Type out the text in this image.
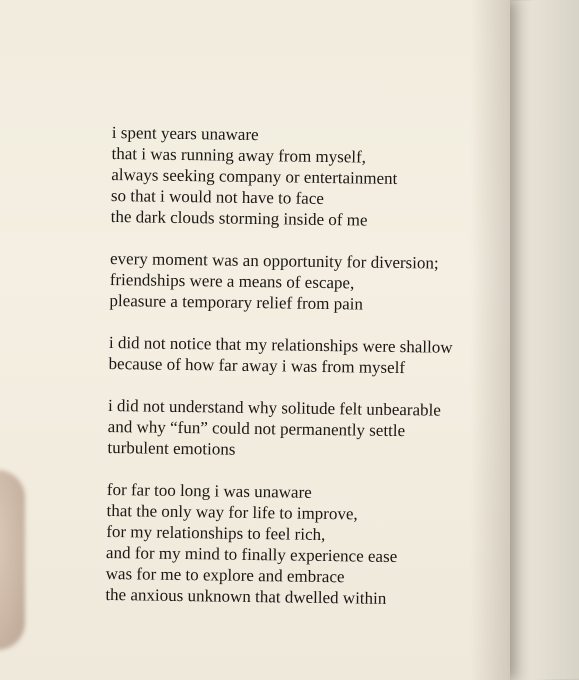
i spent years unaware
that i was running away from myself,
always seeking company or entertainment
so that i would not have to face
the dark clouds storming inside of me
every moment was an opportunity for diversion;
friendships were a means of escape,
pleasure a temporary relief from pain
i did not notice that my relationships were shallow
because of how far away i was from myself
i did not understand why solitude felt unbearable
and why “fun” could not permanently settle
turbulent emotions
for far too long i was unaware
that the only way for life to improve,
for my relationships to feel rich,
and for my mind to finally experience ease
was for me to explore and embrace
the anxious unknown that dwelled within
